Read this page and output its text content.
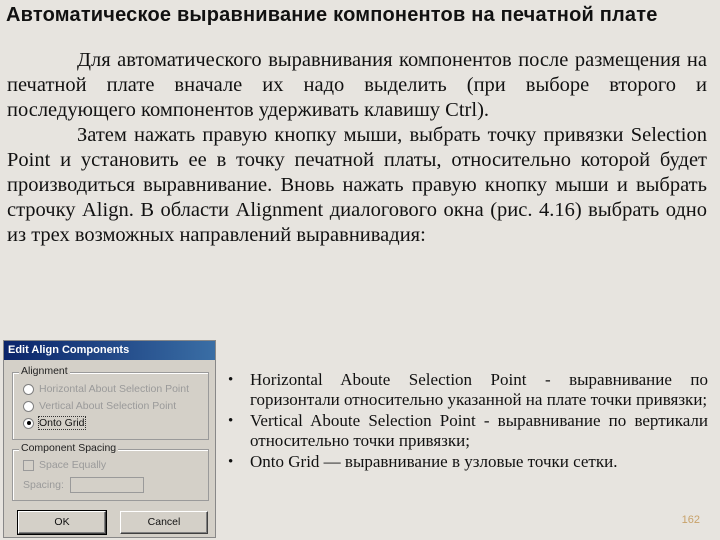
Автоматическое выравнивание компонентов на печатной плате

Для автоматического выравнивания компонентов после размещения на печатной плате вначале их надо выделить (при выборе второго и последующего компонентов удерживать клавишу Ctrl).

Затем нажать правую кнопку мыши, выбрать точку привязки Selection Point и установить ее в точку печатной платы, относительно которой будет производиться выравнивание. Вновь нажать правую кнопку мыши и выбрать строчку Align. В области Alignment диалогового окна (рис. 4.16) выбрать одно из трех возможных направлений выравнивадия:

Edit Align Components
Alignment
Horizontal About Selection Point
Vertical About Selection Point
Onto Grid
Component Spacing
Space Equally
Spacing:
OK	Cancel
• Horizontal Aboute Selection Point - выравнивание по горизонтали относительно указанной на плате точки привязки;
• Vertical Aboute Selection Point - выравнивание по вертикали относительно точки привязки;
• Onto Grid — выравнивание в узловые точки сетки.
162
